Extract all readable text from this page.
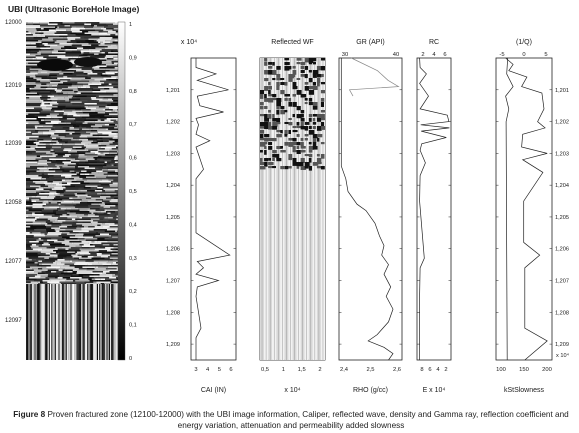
UBI (Ultrasonic BoreHole Image)
12000
12019
12039
12058
12077
12097
1
0,9
0,8
0,7
0,6
0,5
0,4
0,3
0,2
0,1
0
x 10⁴
CAI (IN)
3 4 5 6
1,201
1,202
1,203
1,204
1,205
1,206
1,207
1,208
1,209
Reflected WF
x 10⁴
0,5 1 1,5 2
GR (API)
RHO (g/cc)
2,4	2,5	2,6
30	40
RC
E x 10⁴
8 6 4 2
2 4 6
(1/Q)
kStSlowness
100 150 200
-5	0	5
1,201
1,202
1,203
1,204
1,205
1,206
1,207
1,208
1,209
x 10⁴
Figure 8 Proven fractured zone (12100-12000) with the UBI image information, Caliper, reflected wave, density and Gamma ray, reflection coefficient and energy variation, attenuation and permeability added slowness
